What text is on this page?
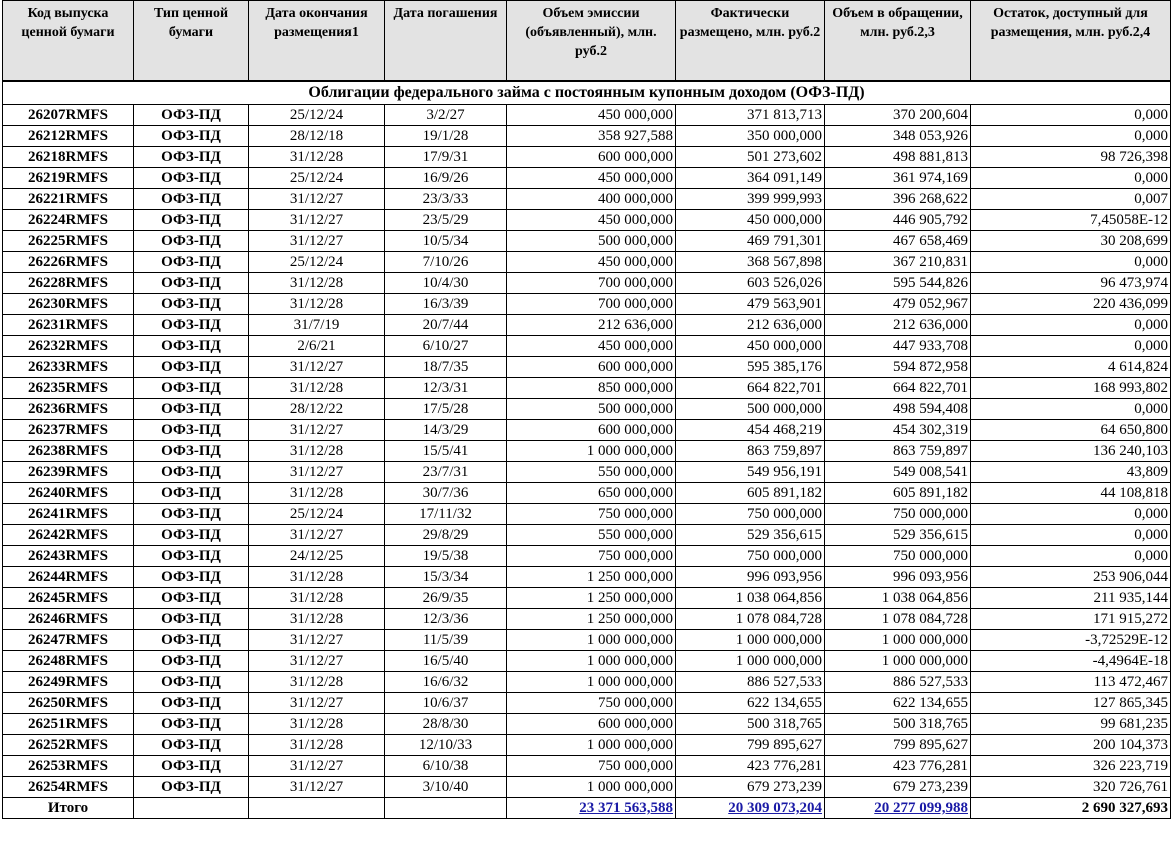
Код выпуска ценной бумаги	Тип ценной бумаги	Дата окончания размещения1	Дата погашения	Объем эмиссии (объявленный), млн. руб.2	Фактически размещено, млн. руб.2	Объем в обращении, млн. руб.2,3	Остаток, доступный для размещения, млн. руб.2,4
Облигации федерального займа с постоянным купонным доходом (ОФЗ-ПД)							
26207RMFS	ОФЗ-ПД	25/12/24	3/2/27	450 000,000	371 813,713	370 200,604	0,000
26212RMFS	ОФЗ-ПД	28/12/18	19/1/28	358 927,588	350 000,000	348 053,926	0,000
26218RMFS	ОФЗ-ПД	31/12/28	17/9/31	600 000,000	501 273,602	498 881,813	98 726,398
26219RMFS	ОФЗ-ПД	25/12/24	16/9/26	450 000,000	364 091,149	361 974,169	0,000
26221RMFS	ОФЗ-ПД	31/12/27	23/3/33	400 000,000	399 999,993	396 268,622	0,007
26224RMFS	ОФЗ-ПД	31/12/27	23/5/29	450 000,000	450 000,000	446 905,792	7,45058E-12
26225RMFS	ОФЗ-ПД	31/12/27	10/5/34	500 000,000	469 791,301	467 658,469	30 208,699
26226RMFS	ОФЗ-ПД	25/12/24	7/10/26	450 000,000	368 567,898	367 210,831	0,000
26228RMFS	ОФЗ-ПД	31/12/28	10/4/30	700 000,000	603 526,026	595 544,826	96 473,974
26230RMFS	ОФЗ-ПД	31/12/28	16/3/39	700 000,000	479 563,901	479 052,967	220 436,099
26231RMFS	ОФЗ-ПД	31/7/19	20/7/44	212 636,000	212 636,000	212 636,000	0,000
26232RMFS	ОФЗ-ПД	2/6/21	6/10/27	450 000,000	450 000,000	447 933,708	0,000
26233RMFS	ОФЗ-ПД	31/12/27	18/7/35	600 000,000	595 385,176	594 872,958	4 614,824
26235RMFS	ОФЗ-ПД	31/12/28	12/3/31	850 000,000	664 822,701	664 822,701	168 993,802
26236RMFS	ОФЗ-ПД	28/12/22	17/5/28	500 000,000	500 000,000	498 594,408	0,000
26237RMFS	ОФЗ-ПД	31/12/27	14/3/29	600 000,000	454 468,219	454 302,319	64 650,800
26238RMFS	ОФЗ-ПД	31/12/28	15/5/41	1 000 000,000	863 759,897	863 759,897	136 240,103
26239RMFS	ОФЗ-ПД	31/12/27	23/7/31	550 000,000	549 956,191	549 008,541	43,809
26240RMFS	ОФЗ-ПД	31/12/28	30/7/36	650 000,000	605 891,182	605 891,182	44 108,818
26241RMFS	ОФЗ-ПД	25/12/24	17/11/32	750 000,000	750 000,000	750 000,000	0,000
26242RMFS	ОФЗ-ПД	31/12/27	29/8/29	550 000,000	529 356,615	529 356,615	0,000
26243RMFS	ОФЗ-ПД	24/12/25	19/5/38	750 000,000	750 000,000	750 000,000	0,000
26244RMFS	ОФЗ-ПД	31/12/28	15/3/34	1 250 000,000	996 093,956	996 093,956	253 906,044
26245RMFS	ОФЗ-ПД	31/12/28	26/9/35	1 250 000,000	1 038 064,856	1 038 064,856	211 935,144
26246RMFS	ОФЗ-ПД	31/12/28	12/3/36	1 250 000,000	1 078 084,728	1 078 084,728	171 915,272
26247RMFS	ОФЗ-ПД	31/12/27	11/5/39	1 000 000,000	1 000 000,000	1 000 000,000	-3,72529E-12
26248RMFS	ОФЗ-ПД	31/12/27	16/5/40	1 000 000,000	1 000 000,000	1 000 000,000	-4,4964E-18
26249RMFS	ОФЗ-ПД	31/12/28	16/6/32	1 000 000,000	886 527,533	886 527,533	113 472,467
26250RMFS	ОФЗ-ПД	31/12/27	10/6/37	750 000,000	622 134,655	622 134,655	127 865,345
26251RMFS	ОФЗ-ПД	31/12/28	28/8/30	600 000,000	500 318,765	500 318,765	99 681,235
26252RMFS	ОФЗ-ПД	31/12/28	12/10/33	1 000 000,000	799 895,627	799 895,627	200 104,373
26253RMFS	ОФЗ-ПД	31/12/27	6/10/38	750 000,000	423 776,281	423 776,281	326 223,719
26254RMFS	ОФЗ-ПД	31/12/27	3/10/40	1 000 000,000	679 273,239	679 273,239	320 726,761
Итого				23 371 563,588	20 309 073,204	20 277 099,988	2 690 327,693
